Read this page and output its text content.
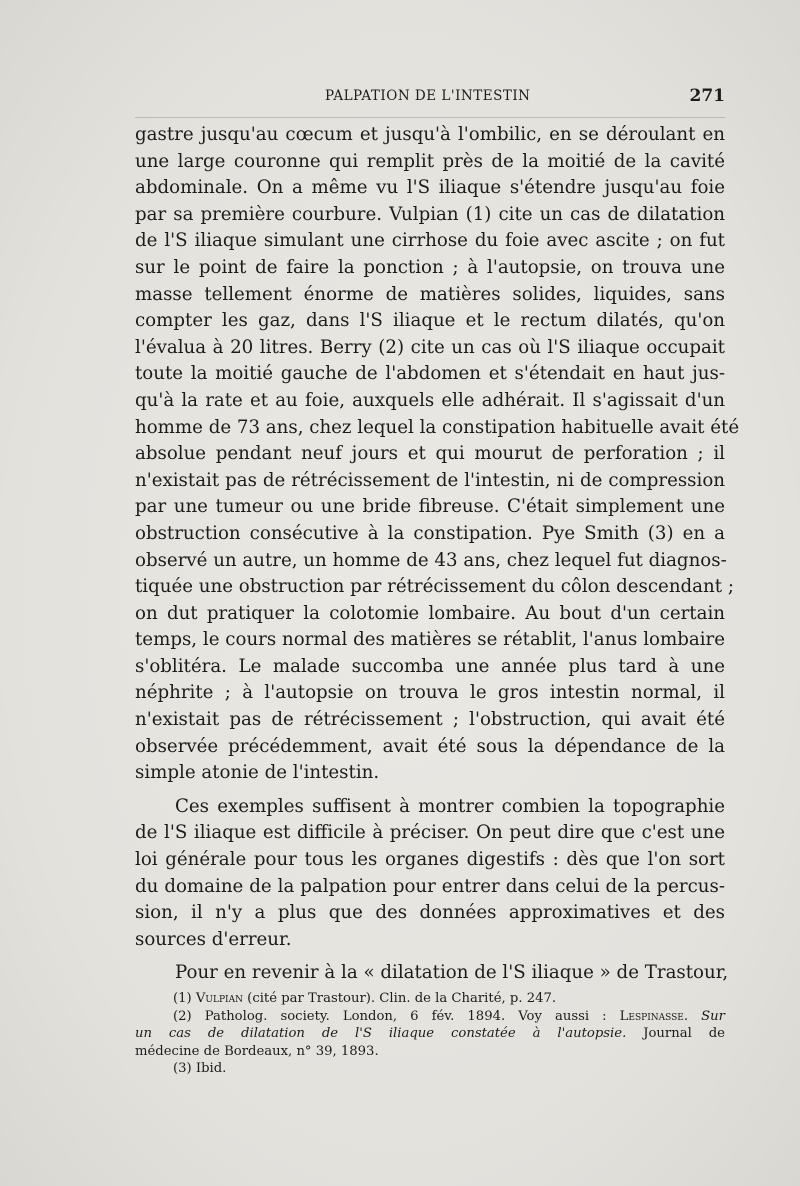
PALPATION DE L'INTESTIN	271
gastre jusqu'au cœcum et jusqu'à l'ombilic, en se déroulant en
une large couronne qui remplit près de la moitié de la cavité
abdominale. On a même vu l'S iliaque s'étendre jusqu'au foie
par sa première courbure. Vulpian (1) cite un cas de dilatation
de l'S iliaque simulant une cirrhose du foie avec ascite ; on fut
sur le point de faire la ponction ; à l'autopsie, on trouva une
masse tellement énorme de matières solides, liquides, sans
compter les gaz, dans l'S iliaque et le rectum dilatés, qu'on
l'évalua à 20 litres. Berry (2) cite un cas où l'S iliaque occupait
toute la moitié gauche de l'abdomen et s'étendait en haut jus-
qu'à la rate et au foie, auxquels elle adhérait. Il s'agissait d'un
homme de 73 ans, chez lequel la constipation habituelle avait été
absolue pendant neuf jours et qui mourut de perforation ; il
n'existait pas de rétrécissement de l'intestin, ni de compression
par une tumeur ou une bride fibreuse. C'était simplement une
obstruction consécutive à la constipation. Pye Smith (3) en a
observé un autre, un homme de 43 ans, chez lequel fut diagnos-
tiquée une obstruction par rétrécissement du côlon descendant ;
on dut pratiquer la colotomie lombaire. Au bout d'un certain
temps, le cours normal des matières se rétablit, l'anus lombaire
s'oblitéra. Le malade succomba une année plus tard à une
néphrite ; à l'autopsie on trouva le gros intestin normal, il
n'existait pas de rétrécissement ; l'obstruction, qui avait été
observée précédemment, avait été sous la dépendance de la
simple atonie de l'intestin.
Ces exemples suffisent à montrer combien la topographie
de l'S iliaque est difficile à préciser. On peut dire que c'est une
loi générale pour tous les organes digestifs : dès que l'on sort
du domaine de la palpation pour entrer dans celui de la percus-
sion, il n'y a plus que des données approximatives et des
sources d'erreur.
Pour en revenir à la « dilatation de l'S iliaque » de Trastour,
(1) Vulpian (cité par Trastour). Clin. de la Charité, p. 247.
(2) Patholog. society. London, 6 fév. 1894. Voy aussi : Lespinasse. Sur
un cas de dilatation de l'S iliaque constatée à l'autopsie. Journal de
médecine de Bordeaux, n° 39, 1893.
(3) Ibid.
